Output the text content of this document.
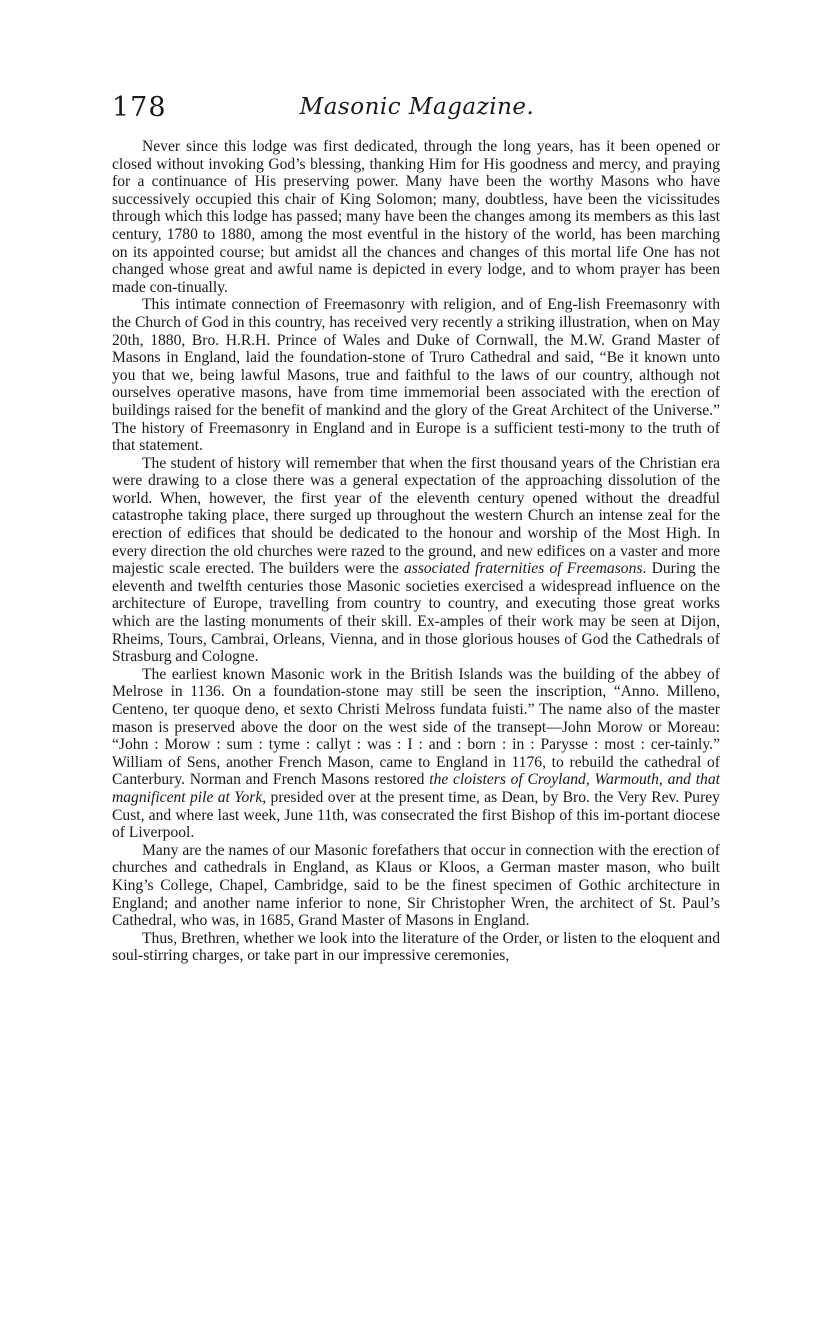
178	Masonic Magazine.

Never since this lodge was first dedicated, through the long years, has it been opened or closed without invoking God’s blessing, thanking Him for His goodness and mercy, and praying for a continuance of His preserving power. Many have been the worthy Masons who have successively occupied this chair of King Solomon; many, doubtless, have been the vicissitudes through which this lodge has passed; many have been the changes among its members as this last century, 1780 to 1880, among the most eventful in the history of the world, has been marching on its appointed course; but amidst all the chances and changes of this mortal life One has not changed whose great and awful name is depicted in every lodge, and to whom prayer has been made con-tinually.

This intimate connection of Freemasonry with religion, and of Eng-lish Freemasonry with the Church of God in this country, has received very recently a striking illustration, when on May 20th, 1880, Bro. H.R.H. Prince of Wales and Duke of Cornwall, the M.W. Grand Master of Masons in England, laid the foundation-stone of Truro Cathedral and said, “Be it known unto you that we, being lawful Masons, true and faithful to the laws of our country, although not ourselves operative masons, have from time immemorial been associated with the erection of buildings raised for the benefit of mankind and the glory of the Great Architect of the Universe.” The history of Freemasonry in England and in Europe is a sufficient testi-mony to the truth of that statement.

The student of history will remember that when the first thousand years of the Christian era were drawing to a close there was a general expectation of the approaching dissolution of the world. When, however, the first year of the eleventh century opened without the dreadful catastrophe taking place, there surged up throughout the western Church an intense zeal for the erection of edifices that should be dedicated to the honour and worship of the Most High. In every direction the old churches were razed to the ground, and new edifices on a vaster and more majestic scale erected. The builders were the associated fraternities of Freemasons. During the eleventh and twelfth centuries those Masonic societies exercised a widespread influence on the architecture of Europe, travelling from country to country, and executing those great works which are the lasting monuments of their skill. Ex-amples of their work may be seen at Dijon, Rheims, Tours, Cambrai, Orleans, Vienna, and in those glorious houses of God the Cathedrals of Strasburg and Cologne.

The earliest known Masonic work in the British Islands was the building of the abbey of Melrose in 1136. On a foundation-stone may still be seen the inscription, “Anno. Milleno, Centeno, ter quoque deno, et sexto Christi Melross fundata fuisti.” The name also of the master mason is preserved above the door on the west side of the transept—John Morow or Moreau: “John : Morow : sum : tyme : callyt : was : I : and : born : in : Parysse : most : cer-tainly.” William of Sens, another French Mason, came to England in 1176, to rebuild the cathedral of Canterbury. Norman and French Masons restored the cloisters of Croyland, Warmouth, and that magnificent pile at York, presided over at the present time, as Dean, by Bro. the Very Rev. Purey Cust, and where last week, June 11th, was consecrated the first Bishop of this im-portant diocese of Liverpool.

Many are the names of our Masonic forefathers that occur in connection with the erection of churches and cathedrals in England, as Klaus or Kloos, a German master mason, who built King’s College, Chapel, Cambridge, said to be the finest specimen of Gothic architecture in England; and another name inferior to none, Sir Christopher Wren, the architect of St. Paul’s Cathedral, who was, in 1685, Grand Master of Masons in England.

Thus, Brethren, whether we look into the literature of the Order, or listen to the eloquent and soul-stirring charges, or take part in our impressive ceremonies,
